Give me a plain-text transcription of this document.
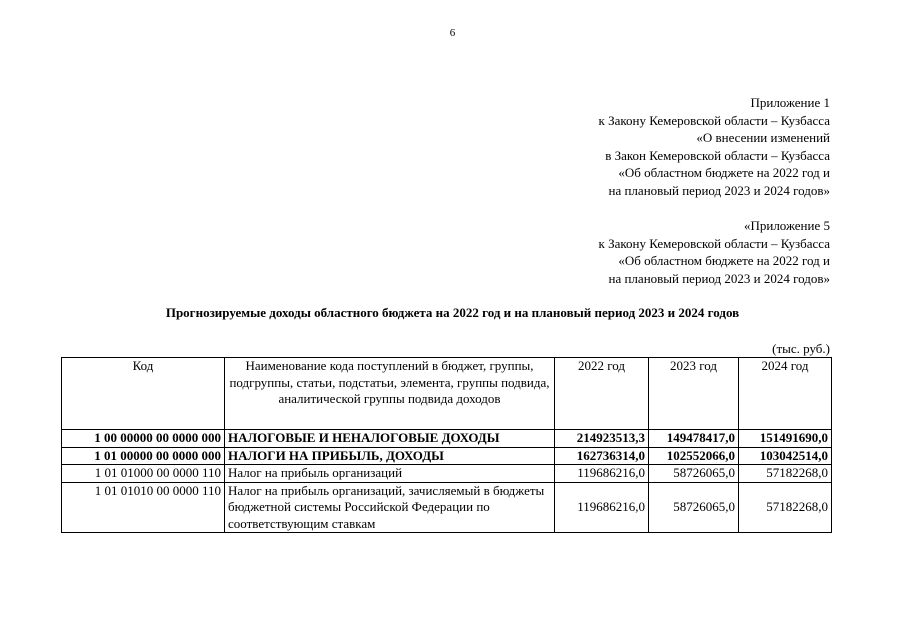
6
Приложение 1
к Закону Кемеровской области – Кузбасса
«О внесении изменений
в Закон Кемеровской области – Кузбасса
«Об областном бюджете на 2022 год и
на плановый период 2023 и 2024 годов»
«Приложение 5
к Закону Кемеровской области – Кузбасса
«Об областном бюджете на 2022 год и
на плановый период 2023 и 2024 годов»
Прогнозируемые доходы областного бюджета на 2022 год и на плановый период 2023 и 2024 годов
(тыс. руб.)
Код	Наименование кода поступлений в бюджет, группы, подгруппы, статьи, подстатьи, элемента, группы подвида, аналитической группы подвида доходов	2022 год	2023 год	2024 год
1 00 00000 00 0000 000	НАЛОГОВЫЕ И НЕНАЛОГОВЫЕ ДОХОДЫ	214923513,3	149478417,0	151491690,0
1 01 00000 00 0000 000	НАЛОГИ НА ПРИБЫЛЬ, ДОХОДЫ	162736314,0	102552066,0	103042514,0
1 01 01000 00 0000 110	Налог на прибыль организаций	119686216,0	58726065,0	57182268,0
1 01 01010 00 0000 110	Налог на прибыль организаций, зачисляемый в бюджеты бюджетной системы Российской Федерации по соответствующим ставкам	119686216,0	58726065,0	57182268,0
